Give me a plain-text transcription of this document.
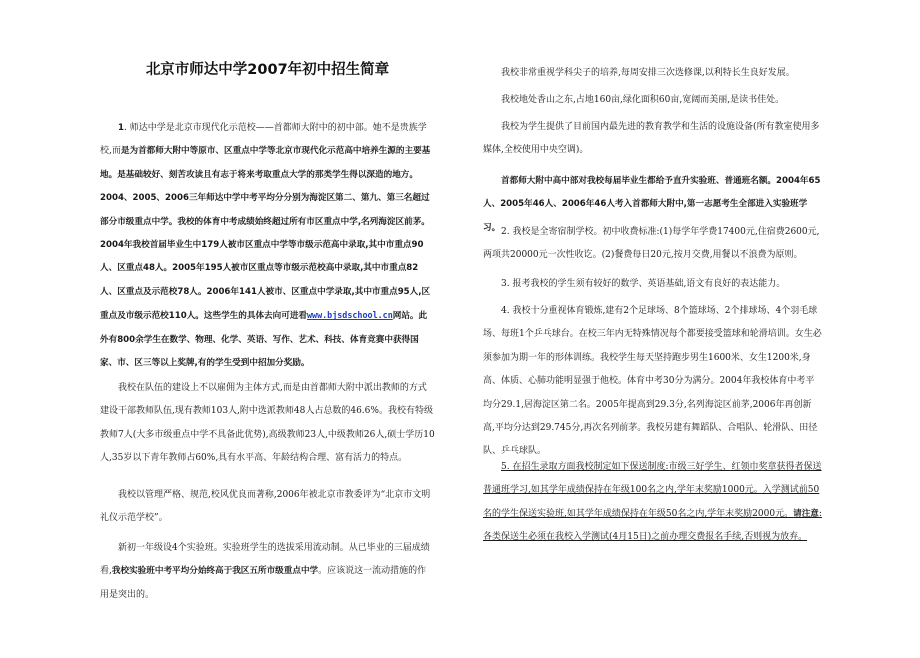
北京市师达中学2007年初中招生简章

1. 师达中学是北京市现代化示范校——首都师大附中的初中部。她不是贵族学校,而是为首都师大附中等原市、区重点中学等北京市现代化示范高中培养生源的主要基地。是基础较好、刻苦攻读且有志于将来考取重点大学的那类学生得以深造的地方。2004、2005、2006三年师达中学中考平均分分别为海淀区第二、第九、第三名超过部分市级重点中学。我校的体育中考成绩始终超过所有市区重点中学,名列海淀区前茅。2004年我校首届毕业生中179人被市区重点中学等市级示范高中录取,其中市重点90人、区重点48人。2005年195人被市区重点等市级示范校高中录取,其中市重点82人、区重点及示范校78人。2006年141人被市、区重点中学录取,其中市重点95人,区重点及市级示范校110人。这些学生的具体去向可进看www.bjsdschool.cn网站。此外有800余学生在数学、物理、化学、英语、写作、艺术、科技、体育竞赛中获得国家、市、区三等以上奖牌,有的学生受到中招加分奖励。

我校在队伍的建设上不以雇佣为主体方式,而是由首都师大附中派出教师的方式建设干部教师队伍,现有教师103人,附中选派教师48人占总数的46.6%。我校有特级教师7人(大多市级重点中学不具备此优势),高级教师23人,中级教师26人,硕士学历10人,35岁以下青年教师占60%,具有水平高、年龄结构合理、富有活力的特点。

我校以管理严格、规范,校风优良而著称,2006年被北京市教委评为“北京市文明礼仪示范学校”。

新初一年级设4个实验班。实验班学生的选拔采用流动制。从已毕业的三届成绩看,我校实验班中考平均分始终高于我区五所市级重点中学。应该说这一流动措施的作用是突出的。

我校非常重视学科尖子的培养,每周安排三次选修课,以利特长生良好发展。

我校地处香山之东,占地160亩,绿化面积60亩,宽阔而美丽,是读书佳处。

我校为学生提供了目前国内最先进的教育教学和生活的设施设备(所有教室使用多媒体,全校使用中央空调)。

首都师大附中高中部对我校每届毕业生都给予直升实验班、普通班名额。2004年65人、2005年46人、2006年46人考入首都师大附中,第一志愿考生全部进入实验班学习。 2. 我校是全寄宿制学校。初中收费标准:(1)每学年学费17400元,住宿费2600元,两项共20000元一次性收讫。(2)餐费每日20元,按月交费,用餐以不浪费为原则。

3. 报考我校的学生须有较好的数学、英语基础,语文有良好的表达能力。

4. 我校十分重视体育锻炼,建有2个足球场、8个篮球场、2个排球场、4个羽毛球场、每班1个乒乓球台。在校三年内无特殊情况每个都要接受篮球和轮滑培训。女生必须参加为期一年的形体训练。我校学生每天坚持跑步男生1600米、女生1200米,身高、体质、心肺功能明显强于他校。体育中考30分为满分。2004年我校体育中考平均分29.1,居海淀区第二名。2005年提高到29.3分,名列海淀区前茅,2006年再创新高,平均分达到29.745分,再次名列前茅。我校另建有舞蹈队、合唱队、轮滑队、田径队、乒乓球队。

5. 在招生录取方面我校制定如下保送制度:市级三好学生、红领巾奖章获得者保送普通班学习,如其学年成绩保持在年级100名之内,学年末奖励1000元。入学测试前50名的学生保送实验班,如其学年成绩保持在年级50名之内,学年末奖励2000元。请注意:各类保送生必须在我校入学测试(4月15日)之前办理交费报名手续,否则视为放弃。
